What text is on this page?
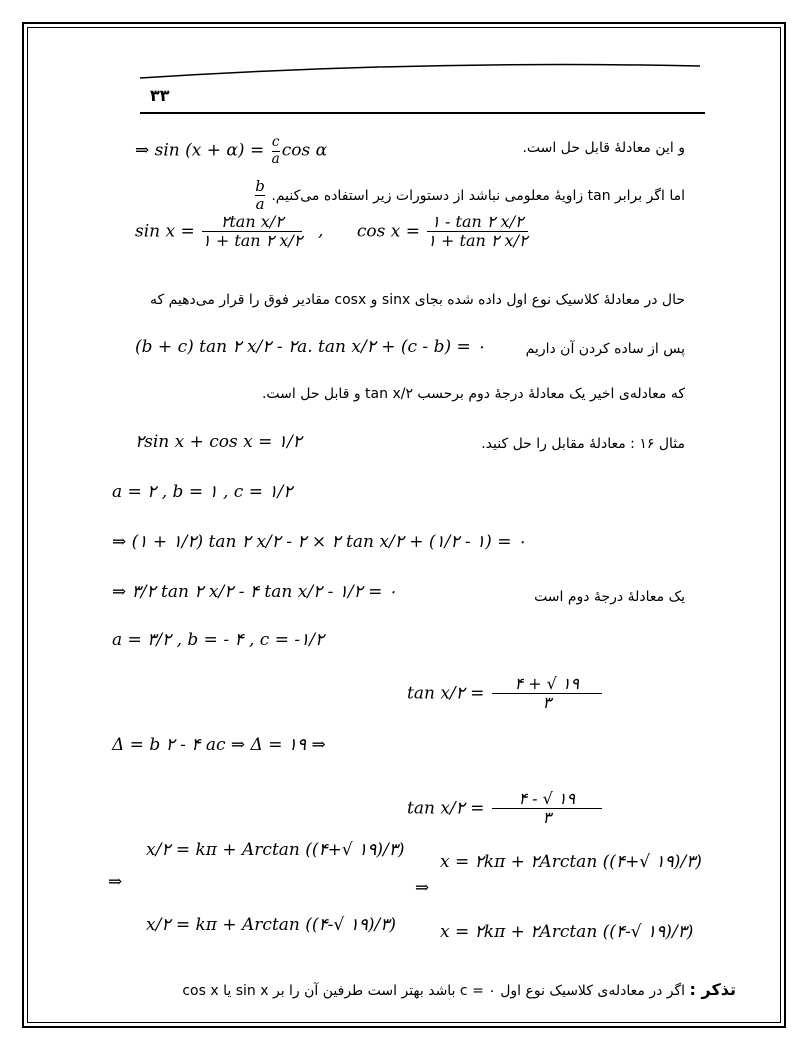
۳۳
⇒ $\sin (x + \alpha) = \frac{c}{a}$ cos α	و این معادلهٔ قابل حل است.
اما اگر برابر tan زاویهٔ معلومی نباشد از دستورات زیر استفاده می‌کنیم.
$\frac{b}{a}$
$\sin x = \frac{\text{۲tan x/۲}}{۱ + \tan ۲ x/۲}$ , $\cos x = \frac{۱ - \tan ۲ x/۲}{۱ + \tan ۲ x/۲}$
حال در معادلهٔ کلاسیک نوع اول داده شده بجای sinx و cosx مقادیر فوق را قرار می‌دهیم که
(b + c) tan ۲ x/۲ - ۲a. tan x/۲ + (c - b) = ۰	پس از ساده کردن آن داریم
که معادله‌ی اخیر یک معادلهٔ درجهٔ دوم برحسب tan x/۲ و قابل حل است.
۲sin x + cos x = ۱/۲	مثال ۱۶ : معادلهٔ مقابل را حل کنید.
a = ۲ , b = ۱ , c = ۱/۲
⇒ (۱ + ۱/۲) tan ۲ x/۲ - ۲ × ۲ tan x/۲ + (۱/۲ - ۱) = ۰
⇒ ۳/۲ tan ۲ x/۲ - ۴ tan x/۲ - ۱/۲ = ۰	یک معادلهٔ درجهٔ دوم است
a = ۳/۲ , b = - ۴ , c = -۱/۲
tan x/۲ = $\frac{۴ + √ ۱۹}{۳}$
Δ = b ۲ - ۴ ac ⇒ Δ = ۱۹ ⇒
tan x/۲ = $\frac{۴ - √ ۱۹}{۳}$
⇒
x/۲ = kπ + Arctan ((۴+√ ۱۹)/۳)
x/۲ = kπ + Arctan ((۴-√ ۱۹)/۳)
⇒
x = ۲kπ + ۲Arctan ((۴+√ ۱۹)/۳)
x = ۲kπ + ۲Arctan ((۴-√ ۱۹)/۳)
تذکر : اگر در معادله‌ی کلاسیک نوع اول c = ۰ باشد بهتر است طرفین آن را بر sin x یا cos x
